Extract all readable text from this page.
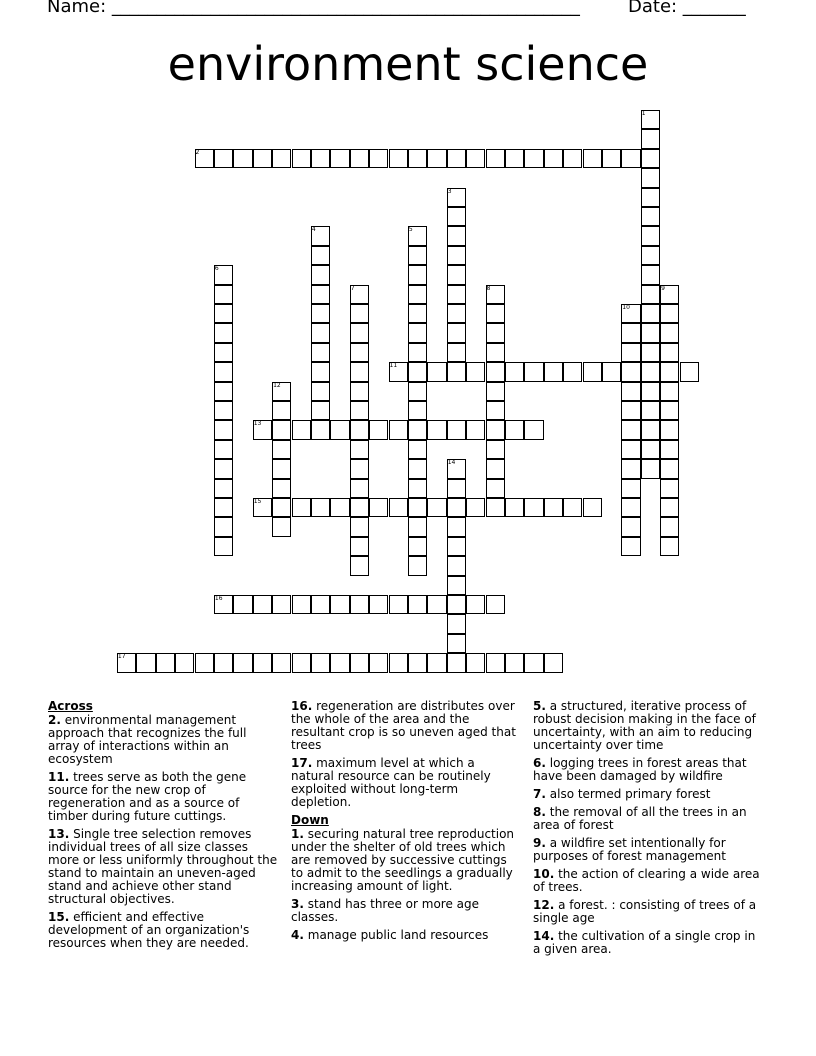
Name: ____________________________________________________	Date: _______
environment science
1
2
3
4	5
6
7	8	9
10
11
12
13
14
15
16
17

Across

2. environmental management approach that recognizes the full array of interactions within an ecosystem

11. trees serve as both the gene source for the new crop of regeneration and as a source of timber during future cuttings.

13. Single tree selection removes individual trees of all size classes more or less uniformly throughout the stand to maintain an uneven-aged stand and achieve other stand structural objectives.

15. efficient and effective development of an organization's resources when they are needed.

16. regeneration are distributes over the whole of the area and the resultant crop is so uneven aged that trees

17. maximum level at which a natural resource can be routinely exploited without long-term depletion.

Down

1. securing natural tree reproduction under the shelter of old trees which are removed by successive cuttings to admit to the seedlings a gradually increasing amount of light.

3. stand has three or more age classes.

4. manage public land resources

5. a structured, iterative process of robust decision making in the face of uncertainty, with an aim to reducing uncertainty over time

6. logging trees in forest areas that have been damaged by wildfire

7. also termed primary forest

8. the removal of all the trees in an area of forest

9. a wildfire set intentionally for purposes of forest management

10. the action of clearing a wide area of trees.

12. a forest. : consisting of trees of a single age

14. the cultivation of a single crop in a given area.
